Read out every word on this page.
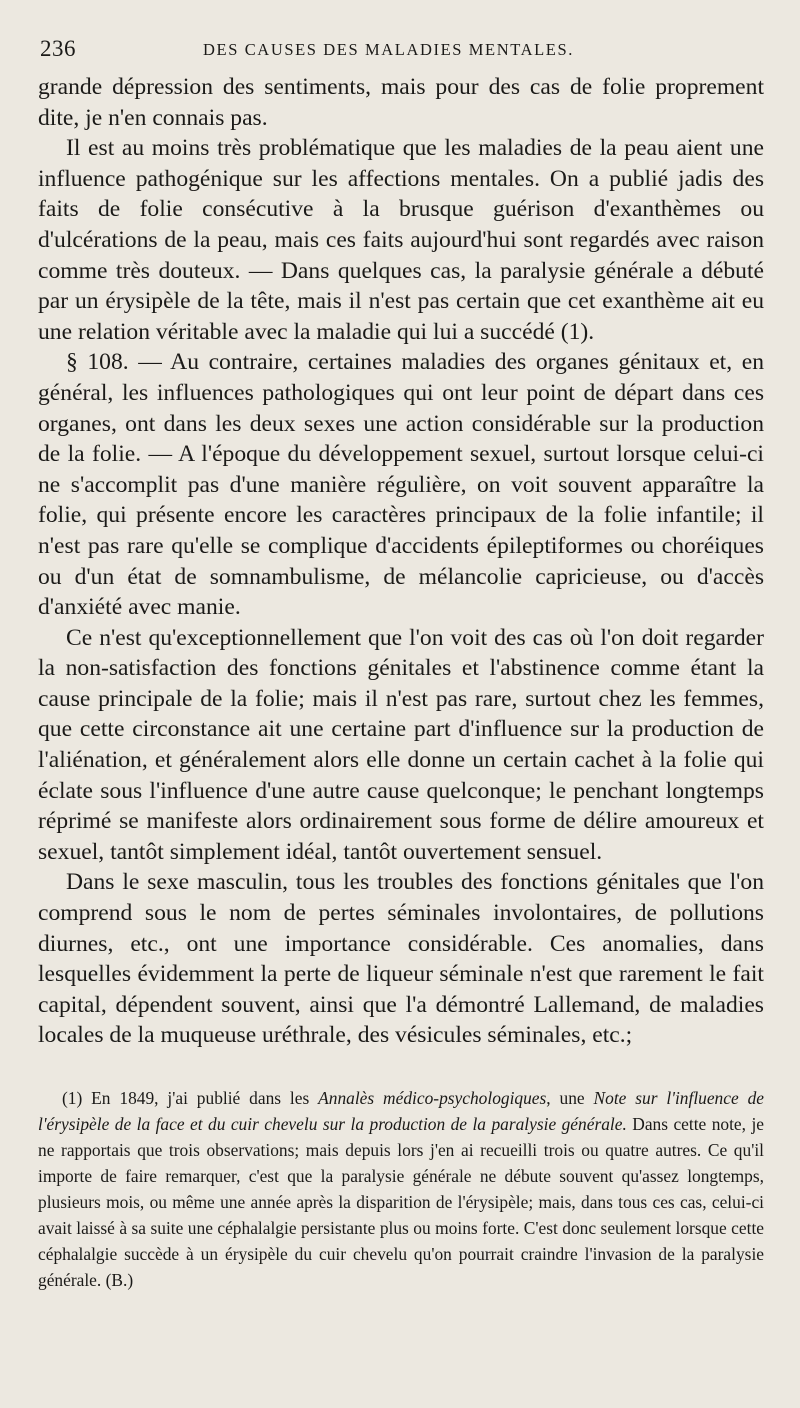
236	DES CAUSES DES MALADIES MENTALES.

grande dépression des sentiments, mais pour des cas de folie proprement dite, je n'en connais pas.

Il est au moins très problématique que les maladies de la peau aient une influence pathogénique sur les affections mentales. On a publié jadis des faits de folie consécutive à la brusque guérison d'exanthèmes ou d'ulcérations de la peau, mais ces faits aujourd'hui sont regardés avec raison comme très douteux. — Dans quelques cas, la paralysie générale a débuté par un érysipèle de la tête, mais il n'est pas certain que cet exanthème ait eu une relation véritable avec la maladie qui lui a succédé (1).

§ 108. — Au contraire, certaines maladies des organes génitaux et, en général, les influences pathologiques qui ont leur point de départ dans ces organes, ont dans les deux sexes une action considérable sur la production de la folie. — A l'époque du développement sexuel, surtout lorsque celui-ci ne s'accomplit pas d'une manière régulière, on voit souvent apparaître la folie, qui présente encore les caractères principaux de la folie infantile; il n'est pas rare qu'elle se complique d'accidents épileptiformes ou choréiques ou d'un état de somnambulisme, de mélancolie capricieuse, ou d'accès d'anxiété avec manie.

Ce n'est qu'exceptionnellement que l'on voit des cas où l'on doit regarder la non-satisfaction des fonctions génitales et l'abstinence comme étant la cause principale de la folie; mais il n'est pas rare, surtout chez les femmes, que cette circonstance ait une certaine part d'influence sur la production de l'aliénation, et généralement alors elle donne un certain cachet à la folie qui éclate sous l'influence d'une autre cause quelconque; le penchant longtemps réprimé se manifeste alors ordinairement sous forme de délire amoureux et sexuel, tantôt simplement idéal, tantôt ouvertement sensuel.

Dans le sexe masculin, tous les troubles des fonctions génitales que l'on comprend sous le nom de pertes séminales involontaires, de pollutions diurnes, etc., ont une importance considérable. Ces anomalies, dans lesquelles évidemment la perte de liqueur séminale n'est que rarement le fait capital, dépendent souvent, ainsi que l'a démontré Lallemand, de maladies locales de la muqueuse uréthrale, des vésicules séminales, etc.;

(1) En 1849, j'ai publié dans les Annalès médico-psychologiques, une Note sur l'influence de l'érysipèle de la face et du cuir chevelu sur la production de la paralysie générale. Dans cette note, je ne rapportais que trois observations; mais depuis lors j'en ai recueilli trois ou quatre autres. Ce qu'il importe de faire remarquer, c'est que la paralysie générale ne débute souvent qu'assez longtemps, plusieurs mois, ou même une année après la disparition de l'érysipèle; mais, dans tous ces cas, celui-ci avait laissé à sa suite une céphalalgie persistante plus ou moins forte. C'est donc seulement lorsque cette céphalalgie succède à un érysipèle du cuir chevelu qu'on pourrait craindre l'invasion de la paralysie générale. (B.)
